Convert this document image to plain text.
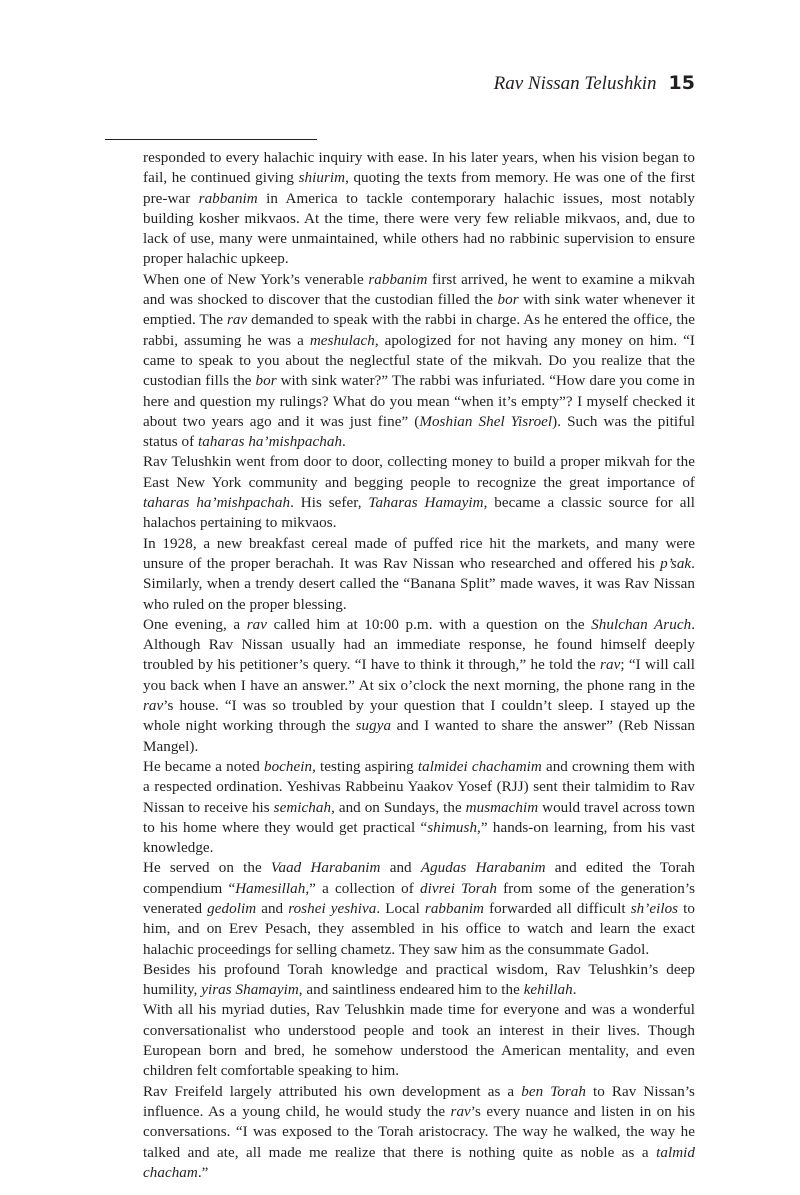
Rav Nissan Telushkin 15

responded to every halachic inquiry with ease. In his later years, when his vision began to fail, he continued giving shiurim, quoting the texts from memory. He was one of the first pre-war rabbanim in America to tackle contemporary halachic issues, most notably building kosher mikvaos. At the time, there were very few reliable mikvaos, and, due to lack of use, many were unmaintained, while others had no rabbinic supervision to ensure proper halachic upkeep.

When one of New York’s venerable rabbanim first arrived, he went to examine a mikvah and was shocked to discover that the custodian filled the bor with sink water whenever it emptied. The rav demanded to speak with the rabbi in charge. As he entered the office, the rabbi, assuming he was a meshulach, apologized for not having any money on him. “I came to speak to you about the neglectful state of the mikvah. Do you realize that the custodian fills the bor with sink water?” The rabbi was infuriated. “How dare you come in here and question my rulings? What do you mean “when it’s empty”? I myself checked it about two years ago and it was just fine” (Moshian Shel Yisroel). Such was the pitiful status of taharas ha’mishpachah.

Rav Telushkin went from door to door, collecting money to build a proper mikvah for the East New York community and begging people to recognize the great importance of taharas ha’mishpachah. His sefer, Taharas Hamayim, became a classic source for all halachos pertaining to mikvaos.

In 1928, a new breakfast cereal made of puffed rice hit the markets, and many were unsure of the proper berachah. It was Rav Nissan who researched and offered his p’sak. Similarly, when a trendy desert called the “Banana Split” made waves, it was Rav Nissan who ruled on the proper blessing.

One evening, a rav called him at 10:00 p.m. with a question on the Shulchan Aruch. Although Rav Nissan usually had an immediate response, he found himself deeply troubled by his petitioner’s query. “I have to think it through,” he told the rav; “I will call you back when I have an answer.” At six o’clock the next morning, the phone rang in the rav’s house. “I was so troubled by your question that I couldn’t sleep. I stayed up the whole night working through the sugya and I wanted to share the answer” (Reb Nissan Mangel).

He became a noted bochein, testing aspiring talmidei chachamim and crowning them with a respected ordination. Yeshivas Rabbeinu Yaakov Yosef (RJJ) sent their talmidim to Rav Nissan to receive his semichah, and on Sundays, the musmachim would travel across town to his home where they would get practical “shimush,” hands-on learning, from his vast knowledge.

He served on the Vaad Harabanim and Agudas Harabanim and edited the Torah compendium “Hamesillah,” a collection of divrei Torah from some of the generation’s venerated gedolim and roshei yeshiva. Local rabbanim forwarded all difficult sh’eilos to him, and on Erev Pesach, they assembled in his office to watch and learn the exact halachic proceedings for selling chametz. They saw him as the consummate Gadol.

Besides his profound Torah knowledge and practical wisdom, Rav Telushkin’s deep humility, yiras Shamayim, and saintliness endeared him to the kehillah.

With all his myriad duties, Rav Telushkin made time for everyone and was a wonderful conversationalist who understood people and took an interest in their lives. Though European born and bred, he somehow understood the American mentality, and even children felt comfortable speaking to him.

Rav Freifeld largely attributed his own development as a ben Torah to Rav Nissan’s influence. As a young child, he would study the rav’s every nuance and listen in on his conversations. “I was exposed to the Torah aristocracy. The way he walked, the way he talked and ate, all made me realize that there is nothing quite as noble as a talmid chacham.”
